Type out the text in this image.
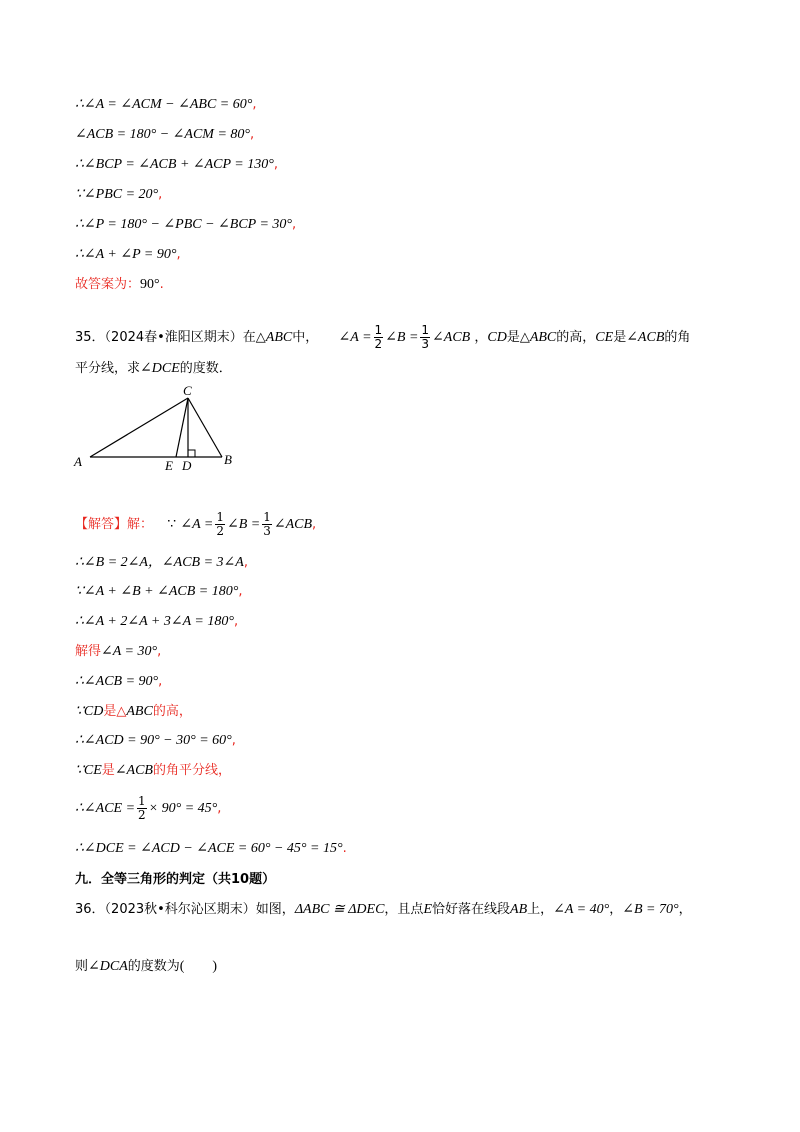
∴∠A = ∠ACM − ∠ABC = 60°,
∠ACB = 180° − ∠ACM = 80°,
∴∠BCP = ∠ACB + ∠ACP = 130°,
∵∠PBC = 20°,
∴∠P = 180° − ∠PBC − ∠BCP = 30°,
∴∠A + ∠P = 90°,
故答案为：90°.
35．（2024春•淮阳区期末）在△ABC中， ∠A = $\frac{1}{2}$ ∠B = $\frac{1}{3}$ ∠ACB ，CD是△ABC的高，CE是∠ACB的角
平分线，求∠DCE的度数．
A	B
C
D
E
【解答】解： ∵ ∠A = $\frac{1}{2}$ ∠B = $\frac{1}{3}$ ∠ACB,
∴∠B = 2∠A，∠ACB = 3∠A,
∵∠A + ∠B + ∠ACB = 180°,
∴∠A + 2∠A + 3∠A = 180°,
解得∠A = 30°,
∴∠ACB = 90°,
∵CD是△ABC的高，
∴∠ACD = 90° − 30° = 60°,
∵CE是∠ACB的角平分线，
∴∠ACE = $\frac{1}{2} \times 90^\circ = 45^\circ$,
∴∠DCE = ∠ACD − ∠ACE = 60° − 45° = 15°.
九．全等三角形的判定（共10题）
36．（2023秋•科尔沁区期末）如图，ΔABC ≅ ΔDEC，且点E恰好落在线段AB上，∠A = 40°，∠B = 70°，
则∠DCA的度数为(        )
